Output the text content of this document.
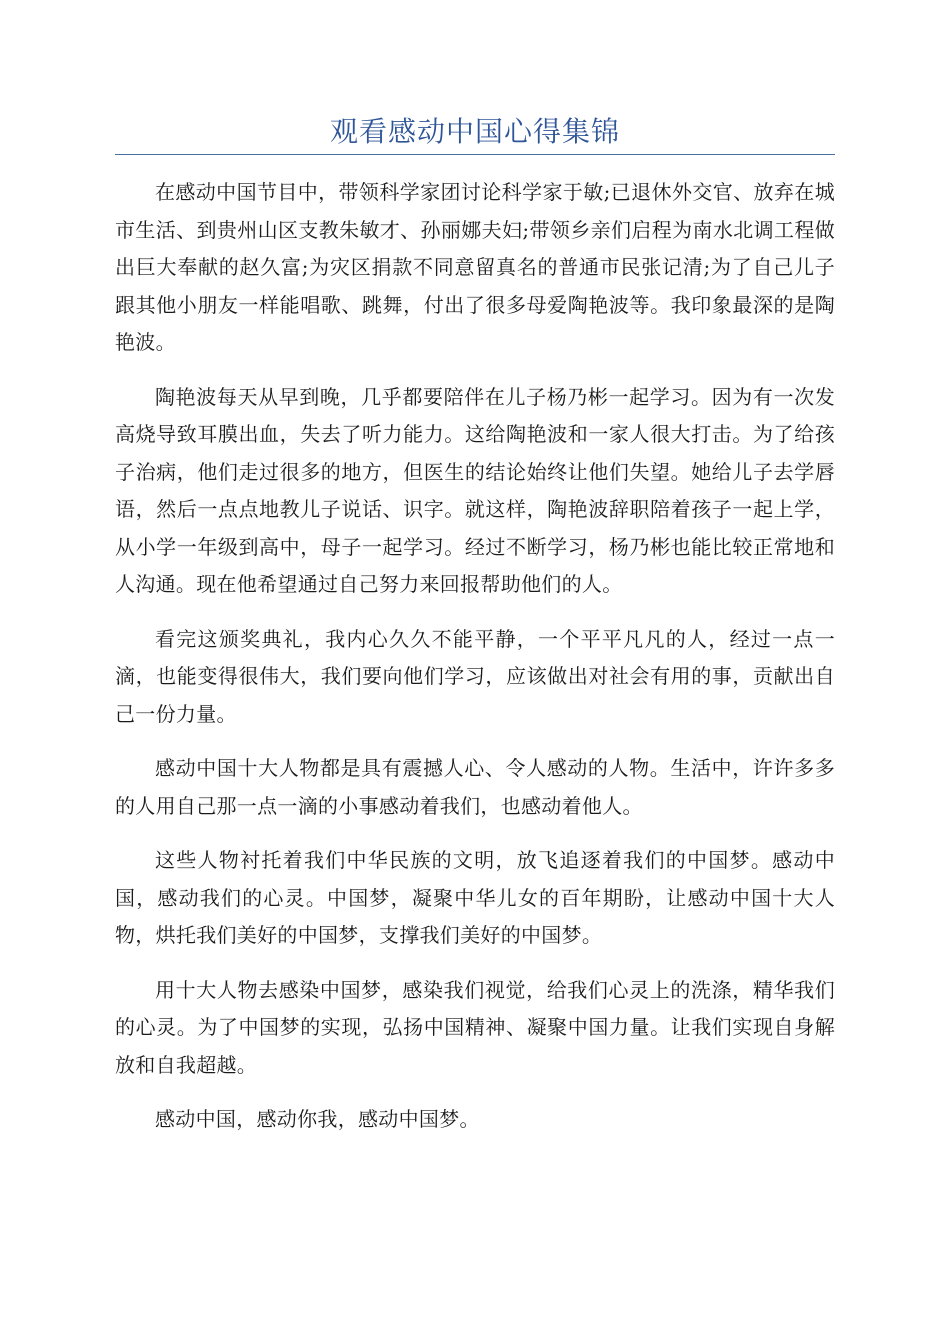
观看感动中国心得集锦

在感动中国节目中，带领科学家团讨论科学家于敏;已退休外交官、放弃在城市生活、到贵州山区支教朱敏才、孙丽娜夫妇;带领乡亲们启程为南水北调工程做出巨大奉献的赵久富;为灾区捐款不同意留真名的普通市民张记清;为了自己儿子跟其他小朋友一样能唱歌、跳舞，付出了很多母爱陶艳波等。我印象最深的是陶艳波。

陶艳波每天从早到晚，几乎都要陪伴在儿子杨乃彬一起学习。因为有一次发高烧导致耳膜出血，失去了听力能力。这给陶艳波和一家人很大打击。为了给孩子治病，他们走过很多的地方，但医生的结论始终让他们失望。她给儿子去学唇语，然后一点点地教儿子说话、识字。就这样，陶艳波辞职陪着孩子一起上学，从小学一年级到高中，母子一起学习。经过不断学习，杨乃彬也能比较正常地和人沟通。现在他希望通过自己努力来回报帮助他们的人。

看完这颁奖典礼，我内心久久不能平静，一个平平凡凡的人，经过一点一滴，也能变得很伟大，我们要向他们学习，应该做出对社会有用的事，贡献出自己一份力量。

感动中国十大人物都是具有震撼人心、令人感动的人物。生活中，许许多多的人用自己那一点一滴的小事感动着我们，也感动着他人。

这些人物衬托着我们中华民族的文明，放飞追逐着我们的中国梦。感动中国，感动我们的心灵。中国梦，凝聚中华儿女的百年期盼，让感动中国十大人物，烘托我们美好的中国梦，支撑我们美好的中国梦。

用十大人物去感染中国梦，感染我们视觉，给我们心灵上的洗涤，精华我们的心灵。为了中国梦的实现，弘扬中国精神、凝聚中国力量。让我们实现自身解放和自我超越。

感动中国，感动你我，感动中国梦。
